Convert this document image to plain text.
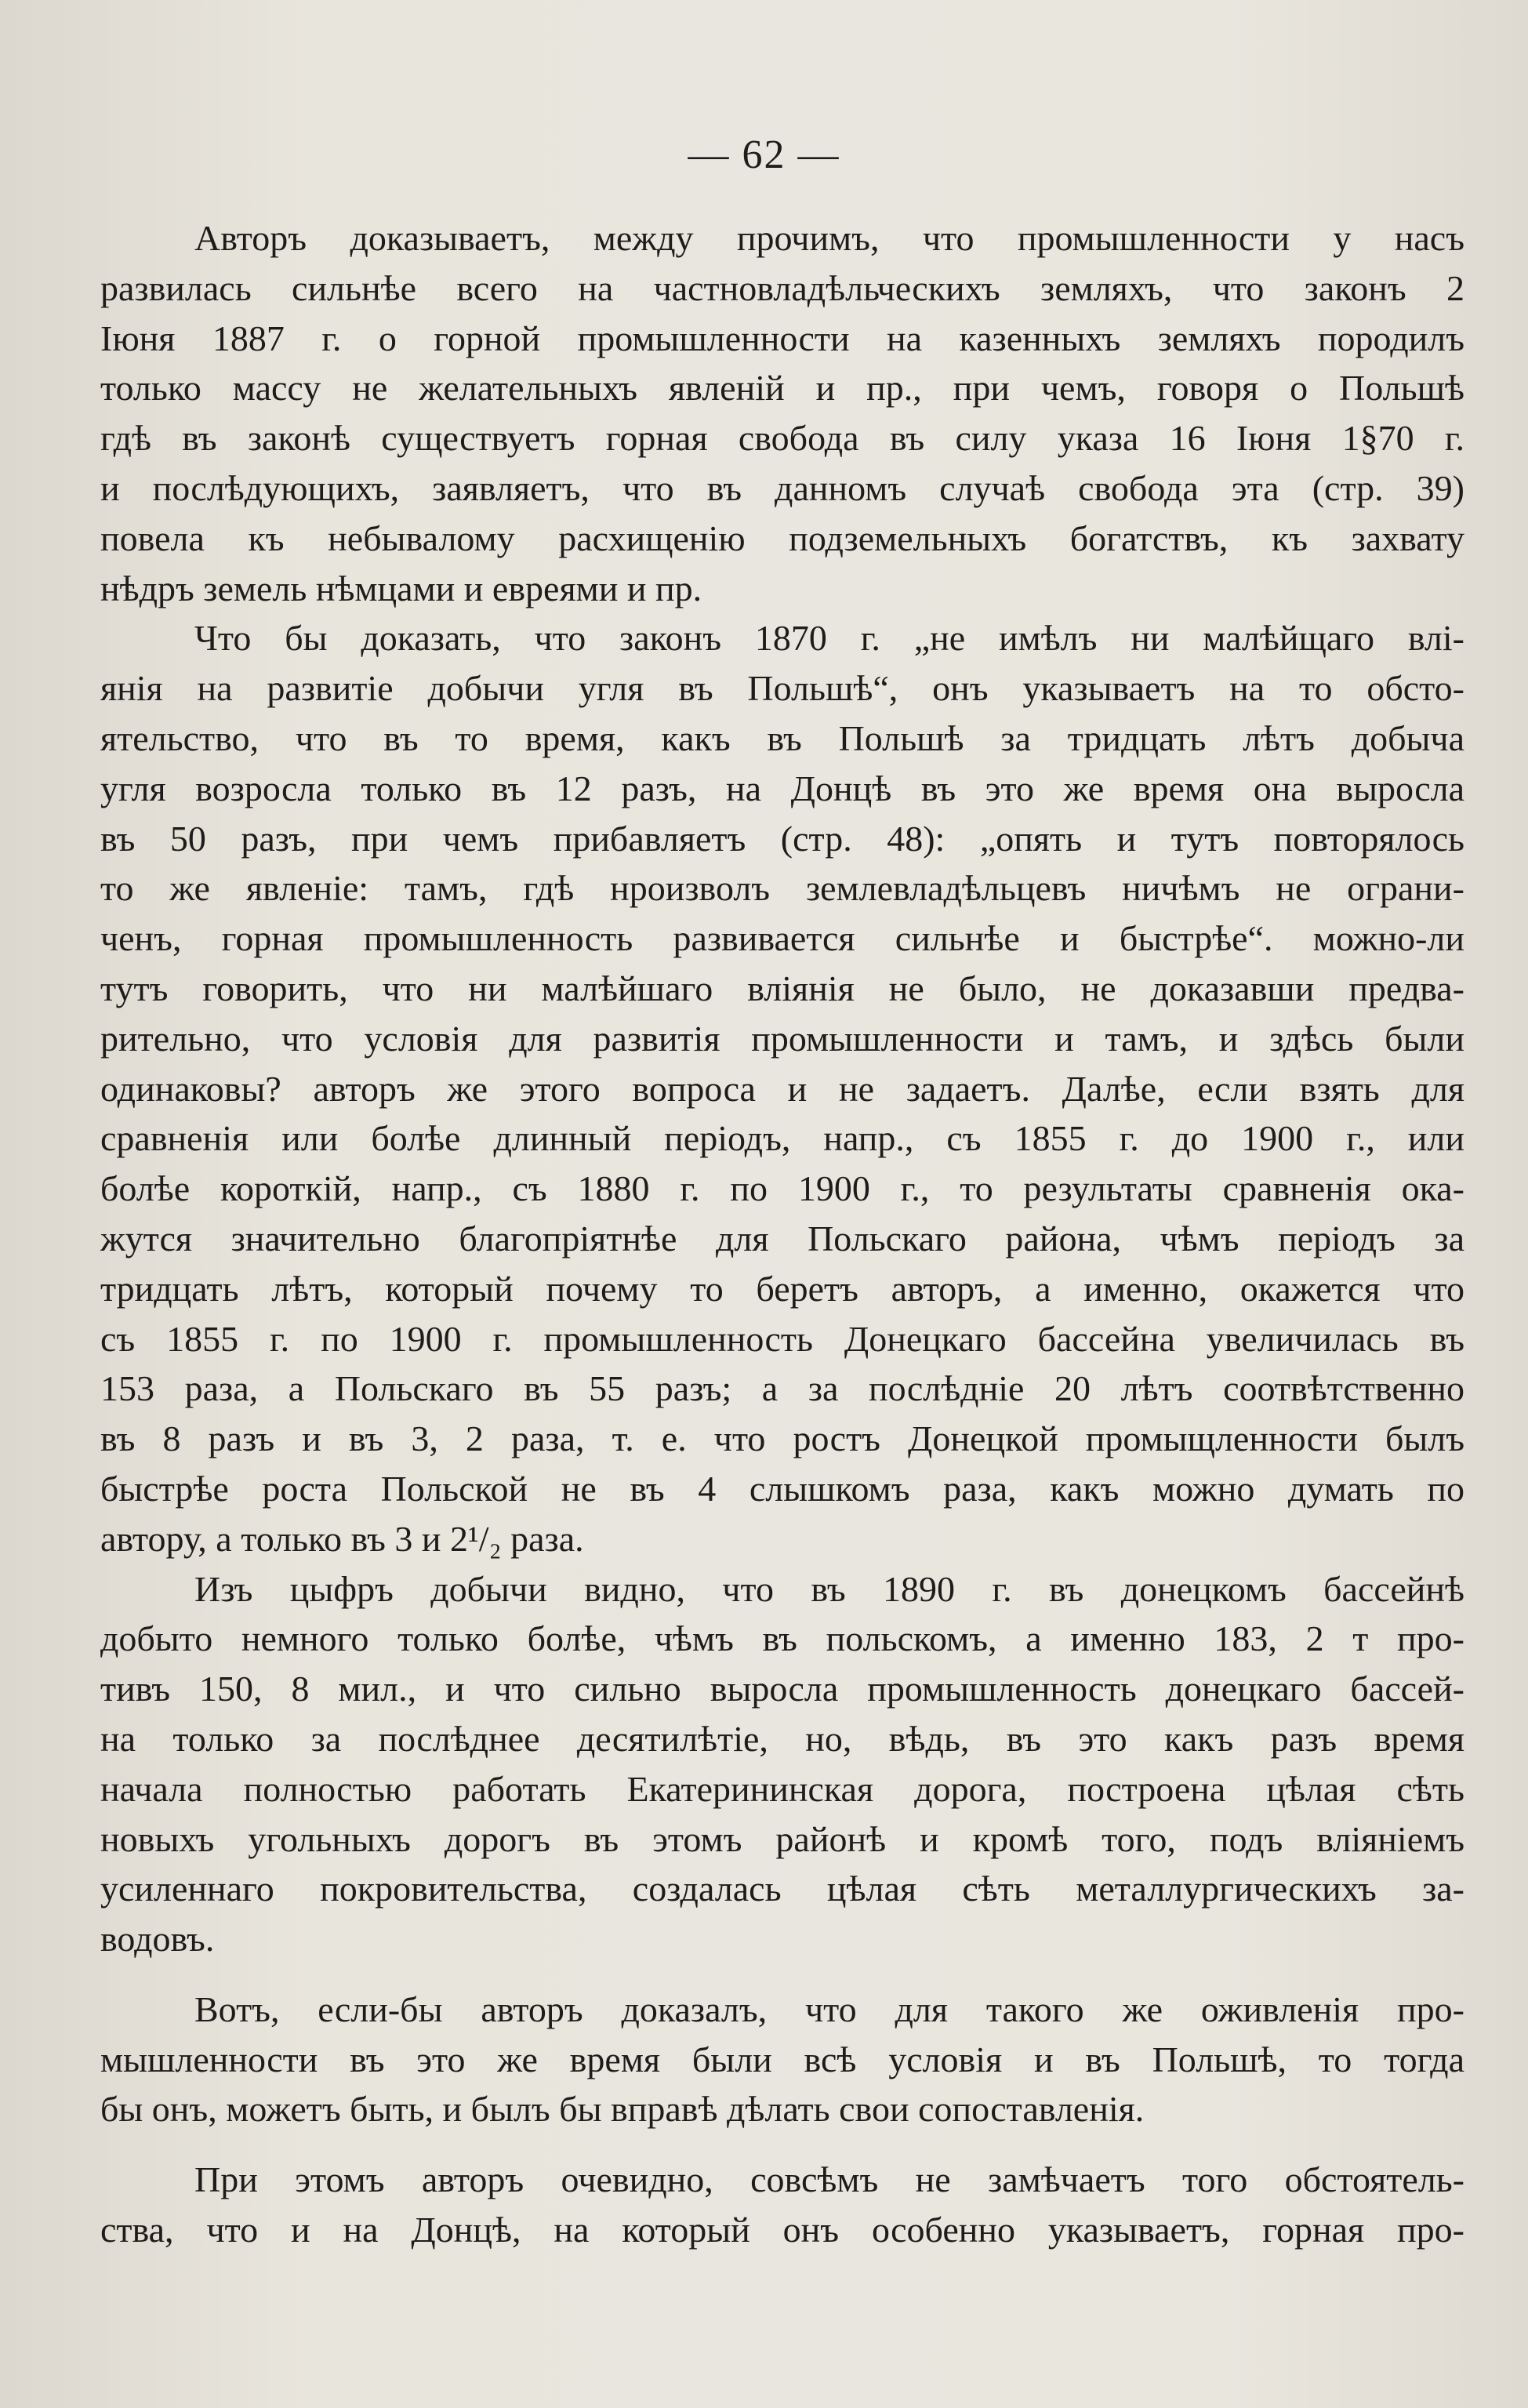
— 62 —
Авторъ доказываетъ, между прочимъ, что промышленности у насъ
развилась сильнѣе всего на частновладѣльческихъ земляхъ, что законъ 2
Іюня 1887 г. о горной промышленности на казенныхъ земляхъ породилъ
только массу не желательныхъ явленій и пр., при чемъ, говоря о Польшѣ
гдѣ въ законѣ существуетъ горная свобода въ силу указа 16 Іюня 1§70 г.
и послѣдующихъ, заявляетъ, что въ данномъ случаѣ свобода эта (стр. 39)
повела къ небывалому расхищенію подземельныхъ богатствъ, къ захвату
нѣдръ земель нѣмцами и евреями и пр.
Что бы доказать, что законъ 1870 г. „не имѣлъ ни малѣйщаго влі-
янія на развитіе добычи угля въ Польшѣ“, онъ указываетъ на то обсто-
ятельство, что въ то время, какъ въ Польшѣ за тридцать лѣтъ добыча
угля возросла только въ 12 разъ, на Донцѣ въ это же время она выросла
въ 50 разъ, при чемъ прибавляетъ (стр. 48): „опять и тутъ повторялось
то же явленіе: тамъ, гдѣ нроизволъ землевладѣльцевъ ничѣмъ не ограни-
ченъ, горная промышленность развивается сильнѣе и быстрѣе“. можно-ли
тутъ говорить, что ни малѣйшаго вліянія не было, не доказавши предва-
рительно, что условія для развитія промышленности и тамъ, и здѣсь были
одинаковы? авторъ же этого вопроса и не задаетъ. Далѣе, если взять для
сравненія или болѣе длинный періодъ, напр., съ 1855 г. до 1900 г., или
болѣе короткій, напр., съ 1880 г. по 1900 г., то результаты сравненія ока-
жутся значительно благопріятнѣе для Польскаго района, чѣмъ періодъ за
тридцать лѣтъ, который почему то беретъ авторъ, а именно, окажется что
съ 1855 г. по 1900 г. промышленность Донецкаго бассейна увеличилась въ
153 раза, а Польскаго въ 55 разъ; а за послѣдніе 20 лѣтъ соотвѣтственно
въ 8 разъ и въ 3, 2 раза, т. е. что ростъ Донецкой промыщленности былъ
быстрѣе роста Польской не въ 4 слышкомъ раза, какъ можно думать по
автору, а только въ 3 и 2¹/₂ раза.
Изъ цыфръ добычи видно, что въ 1890 г. въ донецкомъ бассейнѣ
добыто немного только болѣе, чѣмъ въ польскомъ, а именно 183, 2 т про-
тивъ 150, 8 мил., и что сильно выросла промышленность донецкаго бассей-
на только за послѣднее десятилѣтіе, но, вѣдь, въ это какъ разъ время
начала полностью работать Екатерининская дорога, построена цѣлая сѣть
новыхъ угольныхъ дорогъ въ этомъ районѣ и кромѣ того, подъ вліяніемъ
усиленнаго покровительства, создалась цѣлая сѣть металлургическихъ за-
водовъ.
Вотъ, если-бы авторъ доказалъ, что для такого же оживленія про-
мышленности въ это же время были всѣ условія и въ Польшѣ, то тогда
бы онъ, можетъ быть, и былъ бы вправѣ дѣлать свои сопоставленія.
При этомъ авторъ очевидно, совсѣмъ не замѣчаетъ того обстоятель-
ства, что и на Донцѣ, на который онъ особенно указываетъ, горная про-
